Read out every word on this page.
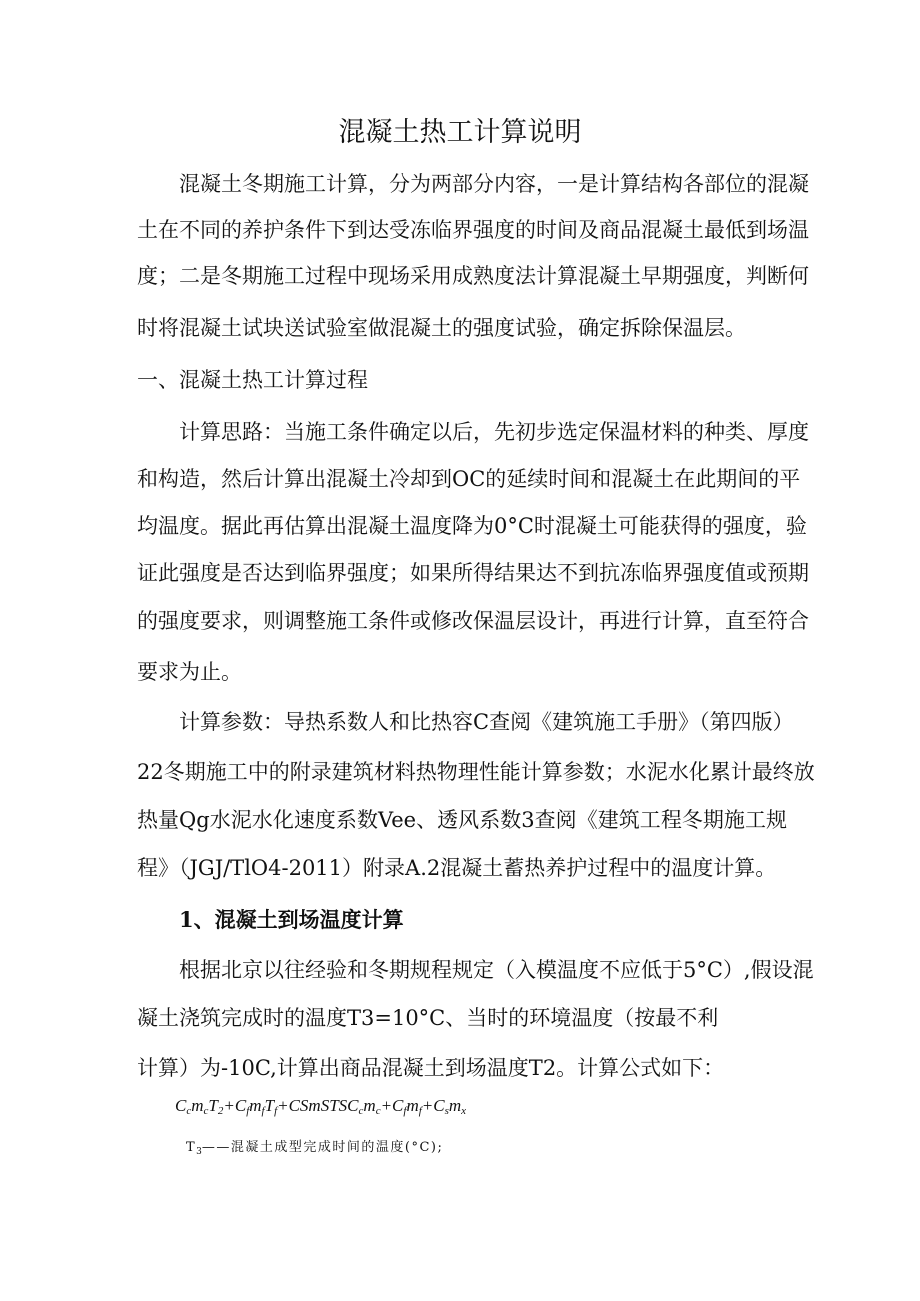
混凝土热工计算说明
混凝土冬期施工计算，分为两部分内容，一是计算结构各部位的混凝
土在不同的养护条件下到达受冻临界强度的时间及商品混凝土最低到场温
度；二是冬期施工过程中现场采用成熟度法计算混凝土早期强度，判断何
时将混凝土试块送试验室做混凝土的强度试验，确定拆除保温层。
一、混凝土热工计算过程
计算思路：当施工条件确定以后，先初步选定保温材料的种类、厚度
和构造，然后计算出混凝土冷却到OC的延续时间和混凝土在此期间的平
均温度。据此再估算出混凝土温度降为0°C时混凝土可能获得的强度，验
证此强度是否达到临界强度；如果所得结果达不到抗冻临界强度值或预期
的强度要求，则调整施工条件或修改保温层设计，再进行计算，直至符合
要求为止。
计算参数：导热系数人和比热容C查阅《建筑施工手册》（第四版）
22冬期施工中的附录建筑材料热物理性能计算参数；水泥水化累计最终放
热量Qg水泥水化速度系数Vee、透风系数3查阅《建筑工程冬期施工规
程》（JGJ/TlO4-2011）附录A.2混凝土蓄热养护过程中的温度计算。
1、混凝土到场温度计算
根据北京以往经验和冬期规程规定（入模温度不应低于5°C）,假设混
凝土浇筑完成时的温度T3=10°C、当时的环境温度（按最不利
计算）为-10C,计算出商品混凝土到场温度T2。计算公式如下：
$C_cm_cT_2+C_fm_fT_f+CSmSTSC_cm_c+C_fm_f+C_sm_x$
$T_3——$混凝土成型完成时间的温度(°C);
